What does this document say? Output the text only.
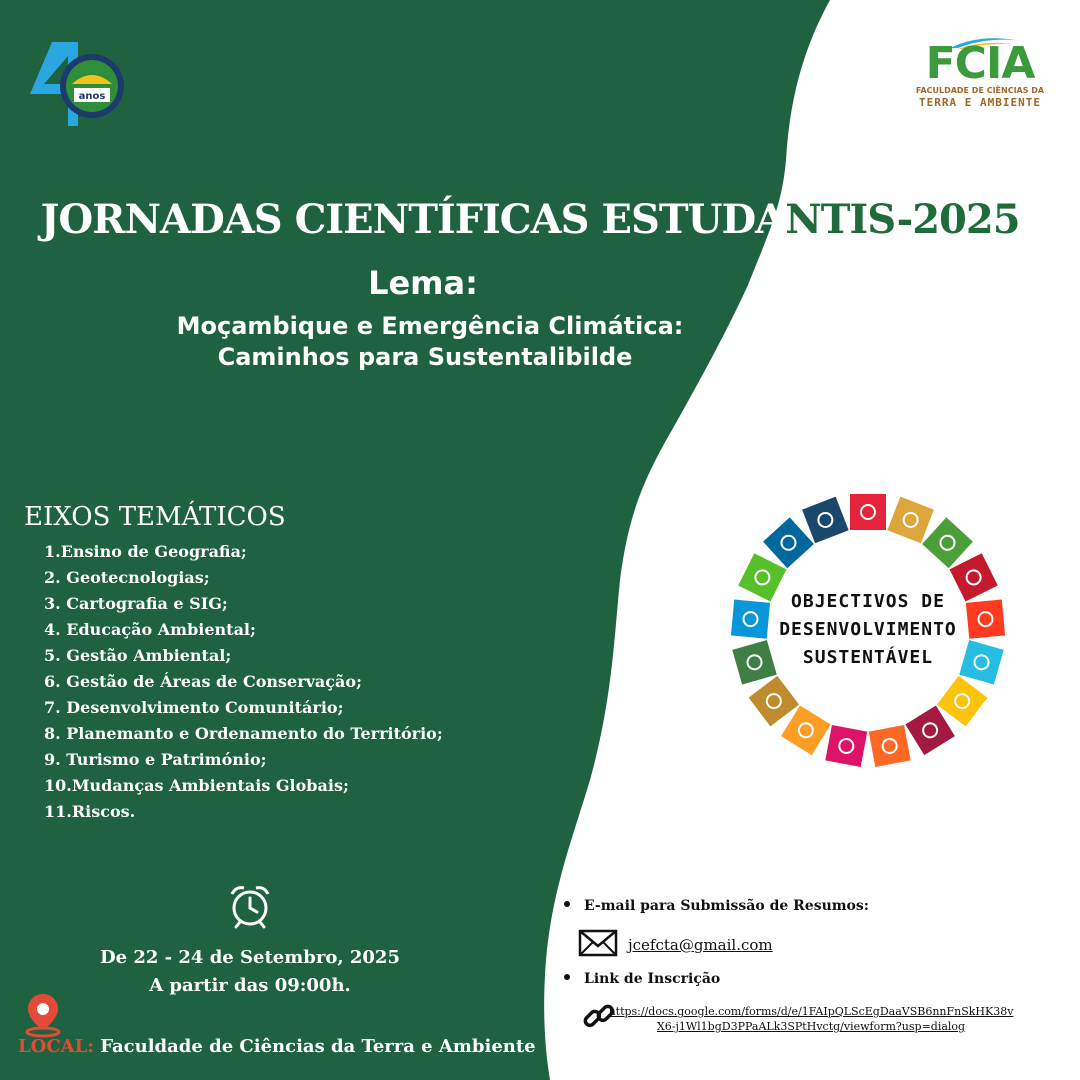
anos
FCIA
FACULDADE DE CIÊNCIAS DA
TERRA E AMBIENTE
JORNADAS CIENTÍFICAS ESTUDANTIS-2025
Lema:
Moçambique e Emergência Climática:
Caminhos para Sustentalibilde
EIXOS TEMÁTICOS
1.Ensino de Geografia;
2. Geotecnologias;
3. Cartografia e SIG;
4. Educação Ambiental;
5. Gestão Ambiental;
6. Gestão de Áreas de Conservação;
7. Desenvolvimento Comunitário;
8. Planemanto e Ordenamento do Território;
9. Turismo e Património;
10.Mudanças Ambientais Globais;
11.Riscos.
OBJECTIVOS DE
DESENVOLVIMENTO
SUSTENTÁVEL
De 22 - 24 de Setembro, 2025
A partir das 09:00h.
LOCAL: Faculdade de Ciências da Terra e Ambiente
E-mail para Submissão de Resumos:
jcefcta@gmail.com
Link de Inscrição
https://docs.google.com/forms/d/e/1FAIpQLScEgDaaVSB6nnFnSkHK38v
X6-j1Wl1bgD3PPaALk3SPtHvctg/viewform?usp=dialog
